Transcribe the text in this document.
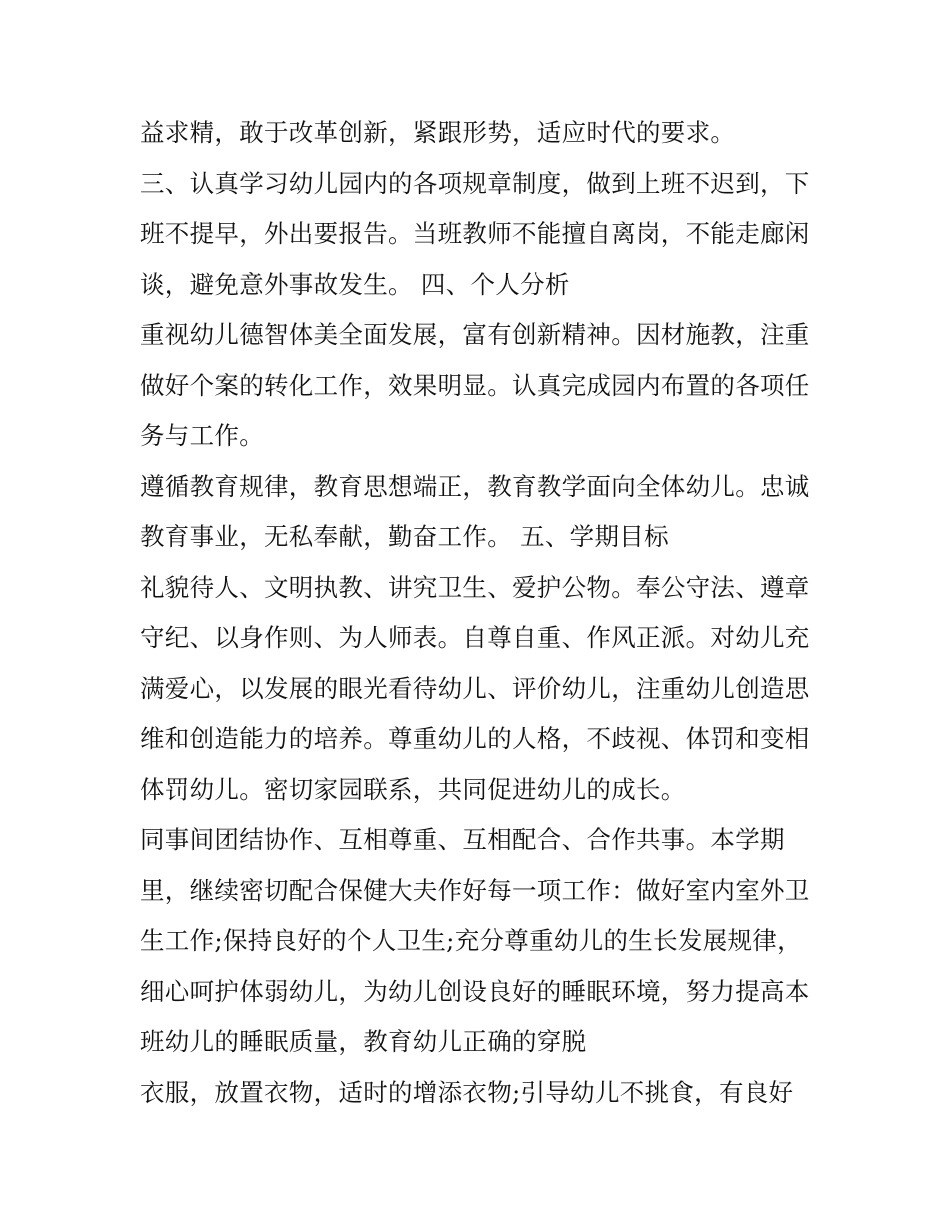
益求精，敢于改革创新，紧跟形势，适应时代的要求。
三、认真学习幼儿园内的各项规章制度，做到上班不迟到，下
班不提早，外出要报告。当班教师不能擅自离岗，不能走廊闲
谈，避免意外事故发生。 四、个人分析
重视幼儿德智体美全面发展，富有创新精神。因材施教，注重
做好个案的转化工作，效果明显。认真完成园内布置的各项任
务与工作。
遵循教育规律，教育思想端正，教育教学面向全体幼儿。忠诚
教育事业，无私奉献，勤奋工作。 五、学期目标
礼貌待人、文明执教、讲究卫生、爱护公物。奉公守法、遵章
守纪、以身作则、为人师表。自尊自重、作风正派。对幼儿充
满爱心，以发展的眼光看待幼儿、评价幼儿，注重幼儿创造思
维和创造能力的培养。尊重幼儿的人格，不歧视、体罚和变相
体罚幼儿。密切家园联系，共同促进幼儿的成长。
同事间团结协作、互相尊重、互相配合、合作共事。本学期
里，继续密切配合保健大夫作好每一项工作：做好室内室外卫
生工作;保持良好的个人卫生;充分尊重幼儿的生长发展规律，
细心呵护体弱幼儿，为幼儿创设良好的睡眠环境，努力提高本
班幼儿的睡眠质量，教育幼儿正确的穿脱
衣服，放置衣物，适时的增添衣物;引导幼儿不挑食，有良好
